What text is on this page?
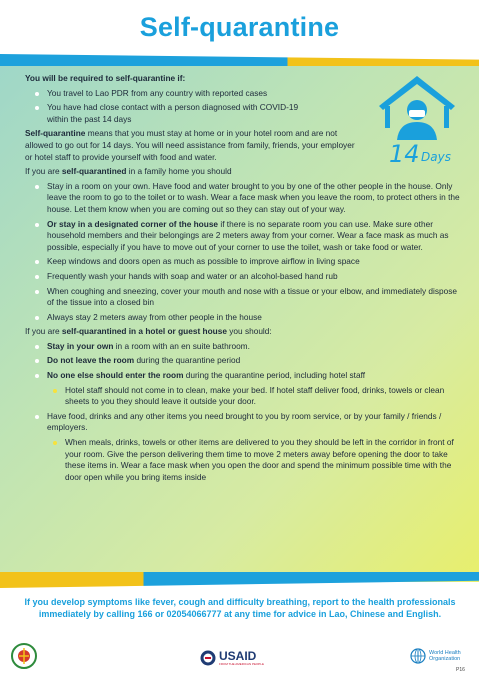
Self-quarantine
14 Days

You will be required to self-quarantine if:

You travel to Lao PDR from any country with reported cases
You have had close contact with a person diagnosed with COVID-19 within the past 14 days

Self-quarantine means that you must stay at home or in your hotel room and are not allowed to go out for 14 days. You will need assistance from family, friends, your employer or hotel staff to provide yourself with food and water.

If you are self-quarantined in a family home you should

Stay in a room on your own. Have food and water brought to you by one of the other people in the house. Only leave the room to go to the toilet or to wash. Wear a face mask when you leave the room, to protect others in the house. Let them know when you are coming out so they can stay out of your way.
Or stay in a designated corner of the house if there is no separate room you can use. Make sure other household members and their belongings are 2 meters away from your corner. Wear a face mask as much as possible, especially if you have to move out of your corner to use the toilet, wash or take food or water.
Keep windows and doors open as much as possible to improve airflow in living space
Frequently wash your hands with soap and water or an alcohol-based hand rub
When coughing and sneezing, cover your mouth and nose with a tissue or your elbow, and immediately dispose of the tissue into a closed bin
Always stay 2 meters away from other people in the house

If you are self-quarantined in a hotel or guest house you should:

Stay in your own in a room with an en suite bathroom.
Do not leave the room during the quarantine period
No one else should enter the room during the quarantine period, including hotel staff
Hotel staff should not come in to clean, make your bed. If hotel staff deliver food, drinks, towels or clean sheets to you they should leave it outside your door.
Have food, drinks and any other items you need brought to you by room service, or by your family / friends / employers.
When meals, drinks, towels or other items are delivered to you they should be left in the corridor in front of your room. Give the person delivering them time to move 2 meters away before opening the door to take these items in. Wear a face mask when you open the door and spend the minimum possible time with the door open while you bring items inside
If you develop symptoms like fever, cough and difficulty breathing, report to the health professionals immediately by calling 166 or 02054066777 at any time for advice in Lao, Chinese and English.
USAID
FROM THE AMERICAN PEOPLE
World Health
Organization
P16
